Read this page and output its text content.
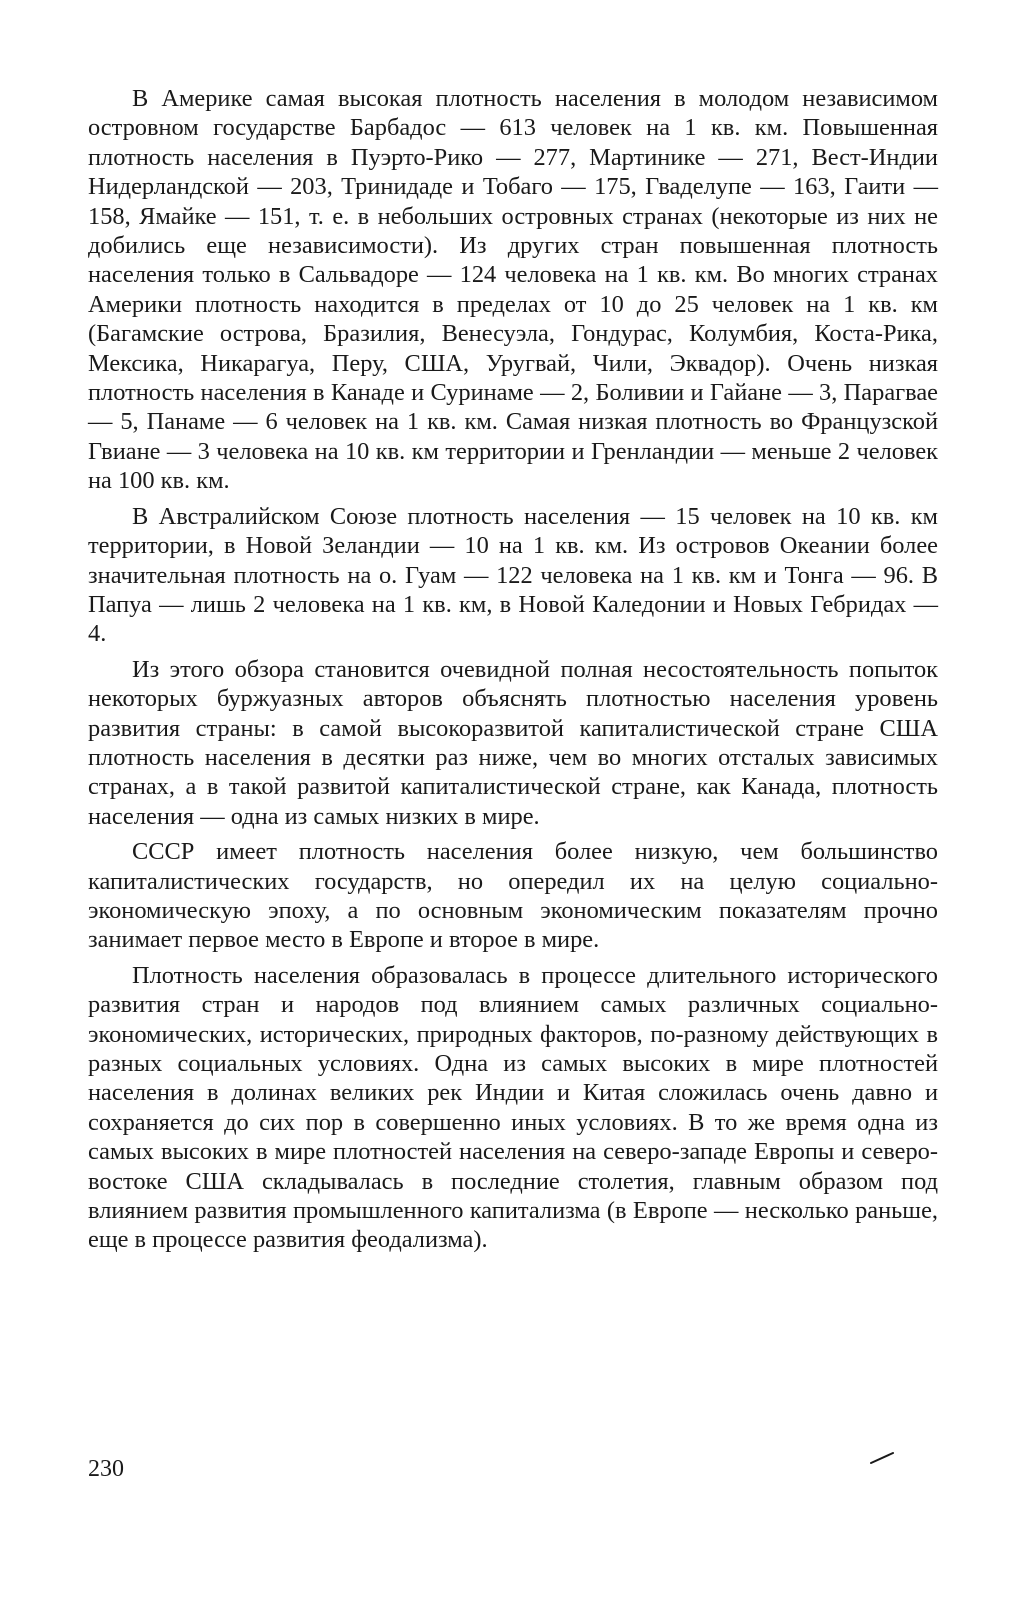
В Америке самая высокая плотность населения в молодом независимом островном государстве Барбадос — 613 человек на 1 кв. км. Повышенная плотность населения в Пуэрто-Рико — 277, Мартинике — 271, Вест-Индии Нидерландской — 203, Тринидаде и Тобаго — 175, Гваделупе — 163, Гаити — 158, Ямайке — 151, т. е. в небольших островных странах (некоторые из них не добились еще независимости). Из других стран повышенная плотность населения только в Сальвадоре — 124 человека на 1 кв. км. Во многих странах Америки плотность находится в пределах от 10 до 25 человек на 1 кв. км (Багамские острова, Бразилия, Венесуэла, Гондурас, Колумбия, Коста-Рика, Мексика, Никарагуа, Перу, США, Уругвай, Чили, Эквадор). Очень низкая плотность населения в Канаде и Суринаме — 2, Боливии и Гайане — 3, Парагвае — 5, Панаме — 6 человек на 1 кв. км. Самая низкая плотность во Французской Гвиане — 3 человека на 10 кв. км территории и Гренландии — меньше 2 человек на 100 кв. км.

В Австралийском Союзе плотность населения — 15 человек на 10 кв. км территории, в Новой Зеландии — 10 на 1 кв. км. Из островов Океании более значительная плотность на о. Гуам — 122 человека на 1 кв. км и Тонга — 96. В Папуа — лишь 2 человека на 1 кв. км, в Новой Каледонии и Новых Гебридах — 4.

Из этого обзора становится очевидной полная несостоятельность попыток некоторых буржуазных авторов объяснять плотностью населения уровень развития страны: в самой высокоразвитой капиталистической стране США плотность населения в десятки раз ниже, чем во многих отсталых зависимых странах, а в такой развитой капиталистической стране, как Канада, плотность населения — одна из самых низких в мире.

СССР имеет плотность населения более низкую, чем большинство капиталистических государств, но опередил их на целую социально-экономическую эпоху, а по основным экономическим показателям прочно занимает первое место в Европе и второе в мире.

Плотность населения образовалась в процессе длительного исторического развития стран и народов под влиянием самых различных социально-экономических, исторических, природных факторов, по-разному действующих в разных социальных условиях. Одна из самых высоких в мире плотностей населения в долинах великих рек Индии и Китая сложилась очень давно и сохраняется до сих пор в совершенно иных условиях. В то же время одна из самых высоких в мире плотностей населения на северо-западе Европы и северо-востоке США складывалась в последние столетия, главным образом под влиянием развития промышленного капитализма (в Европе — несколько раньше, еще в процессе развития феодализма).

230
